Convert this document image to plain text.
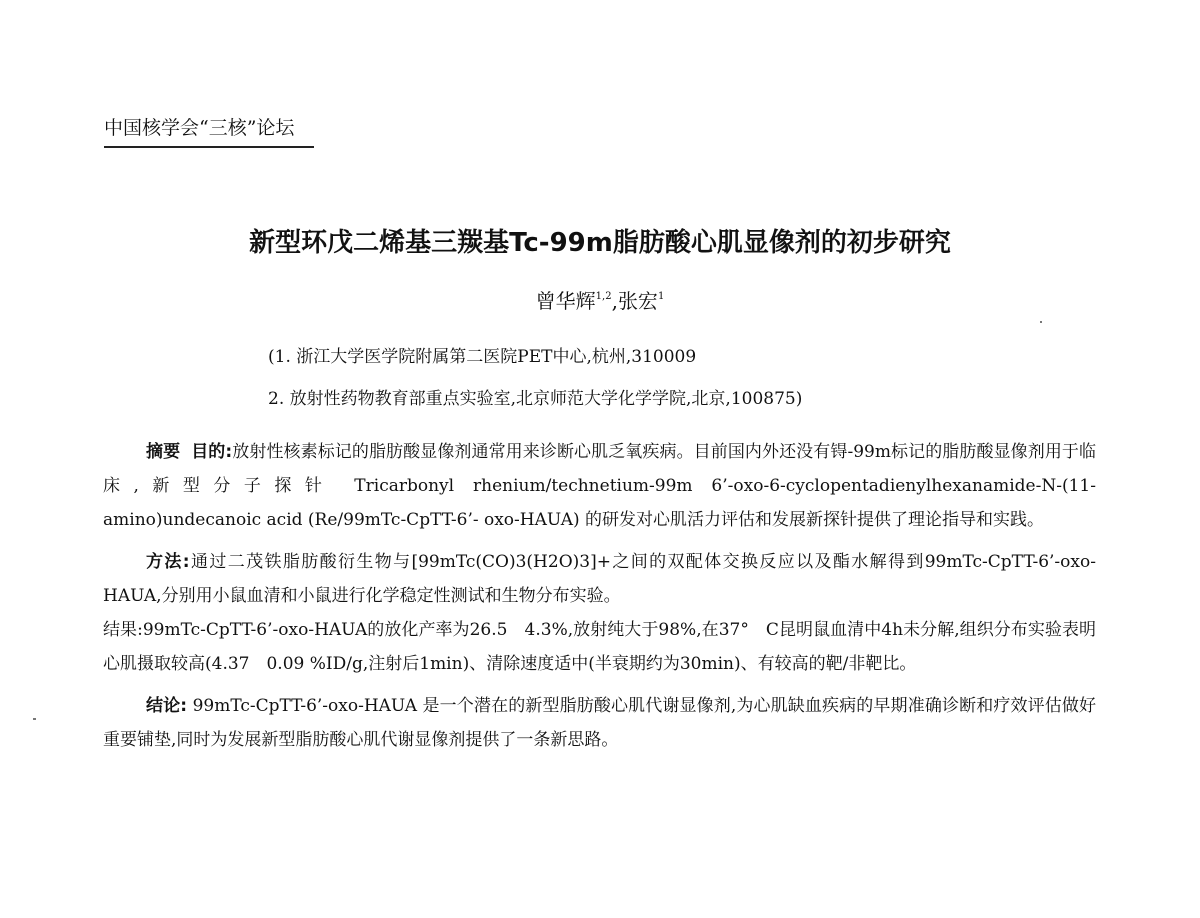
中国核学会“三核”论坛
新型环戊二烯基三羰基Tc-99m脂肪酸心肌显像剂的初步研究
曾华辉$^{1,2}$,张宏$^1$
(1. 浙江大学医学院附属第二医院PET中心,杭州,310009
2. 放射性药物教育部重点实验室,北京师范大学化学学院,北京,100875)

摘要 目的:放射性核素标记的脂肪酸显像剂通常用来诊断心肌乏氧疾病。目前国内外还没有锝-99m标记的脂肪酸显像剂用于临床,新型分子探针 Tricarbonyl rhenium/technetium-99m 6’-oxo-6-cyclopentadienylhexanamide-N-(11-amino)undecanoic acid (Re/99mTc-CpTT-6’- oxo-HAUA) 的研发对心肌活力评估和发展新探针提供了理论指导和实践。

方法:通过二茂铁脂肪酸衍生物与[99mTc(CO)3(H2O)3]+之间的双配体交换反应以及酯水解得到99mTc-CpTT-6’-oxo-HAUA,分别用小鼠血清和小鼠进行化学稳定性测试和生物分布实验。

结果:99mTc-CpTT-6’-oxo-HAUA的放化产率为26.5　4.3%,放射纯大于98%,在37°　C昆明鼠血清中4h未分解,组织分布实验表明心肌摄取较高(4.37　0.09 %ID/g,注射后1min)、清除速度适中(半衰期约为30min)、有较高的靶/非靶比。

结论: 99mTc-CpTT-6’-oxo-HAUA 是一个潜在的新型脂肪酸心肌代谢显像剂,为心肌缺血疾病的早期准确诊断和疗效评估做好重要铺垫,同时为发展新型脂肪酸心肌代谢显像剂提供了一条新思路。
